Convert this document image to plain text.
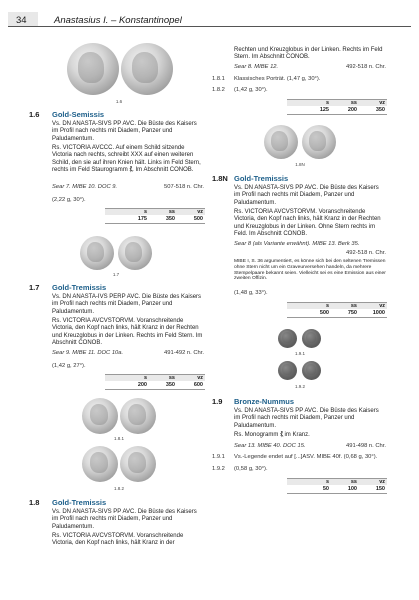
34	Anastasius I. – Konstantinopel
1.6
1.6 Gold-Semissis
Vs. DN ANASTA-SIVS PP AVC. Die Büste des Kaisers im Profil nach rechts mit Diadem, Panzer und Paludamentum.
Rs. VICTORIA AVCCC. Auf einem Schild sitzende Victoria nach rechts, schreibt XXX auf einen weiteren Schild, den sie auf ihren Knien hält. Links im Feld Stern, rechts im Feld Staurogramm ⳩. Im Abschnitt CONOB.
Sear 7. MIBE 10. DOC 9.	507-518 n. Chr.
(2,22 g, 30°).
s	ss	vz
175	350	500
1.7
1.7 Gold-Tremissis
Vs. DN ANASTA-IVS PERP AVC. Die Büste des Kaisers im Profil nach rechts mit Diadem, Panzer und Paludamentum.
Rs. VICTORIA AVCVSTORVM. Voranschreitende Victoria, den Kopf nach links, hält Kranz in der Rechten und Kreuzglobus in der Linken. Rechts im Feld Stern. Im Abschnitt CONOB.
Sear 9. MIBE 11. DOC 10a.	491-492 n. Chr.
(1,42 g, 27°).
s	ss	vz
200	350	600
1.8.1
1.8.2
1.8 Gold-Tremissis
Vs. DN ANASTA-SIVS PP AVC. Die Büste des Kaisers im Profil nach rechts mit Diadem, Panzer und Paludamentum.
Rs. VICTORIA AVCVSTORVM. Voranschreitende Victoria, den Kopf nach links, hält Kranz in der
Rechten und Kreuzglobus in der Linken. Rechts im Feld Stern. Im Abschnitt CONOB.
Sear 8. MIBE 12.	492-518 n. Chr.
1.8.1 Klassisches Porträt. (1,47 g, 30°).
1.8.2 (1,42 g, 30°).
s	ss	vz
125	200	350
1.8N
1.8N Gold-Tremissis
Vs. DN ANASTA-SIVS PP AVC. Die Büste des Kaisers im Profil nach rechts mit Diadem, Panzer und Paludamentum.
Rs. VICTORIA AVCVSTORVM. Voranschreitende Victoria, den Kopf nach links, hält Kranz in der Rechten und Kreuzglobus in der Linken. Ohne Stern rechts im Feld. Im Abschnitt CONOB.
Sear 8 (als Variante erwähnt). MIBE 13. Berk 35.
492-518 n. Chr.
MIBE I, S. 36 argumentiert, es könne sich bei den seltenen Tremissen ohne Stern nicht um ein Graveurversehen handeln, da mehrere Stempelpaare bekannt seien. Vielleicht sei es eine Emission aus einer zweiten Offizin.
(1,48 g, 33°).
s	ss	vz
500	750	1000
1.9.1
1.9.2
1.9 Bronze-Nummus
Vs. DN ANASTA-SIVS PP AVC. Die Büste des Kaisers im Profil nach rechts mit Diadem, Panzer und Paludamentum.
Rs. Monogramm ⳩ im Kranz.
Sear 13. MIBE 40. DOC 15.	491-498 n. Chr.
1.9.1 Vs.-Legende endet auf [...]ASV. MIBE 40f. (0,68 g, 30°).
1.9.2 (0,58 g, 30°).
s	ss	vz
50	100	150
